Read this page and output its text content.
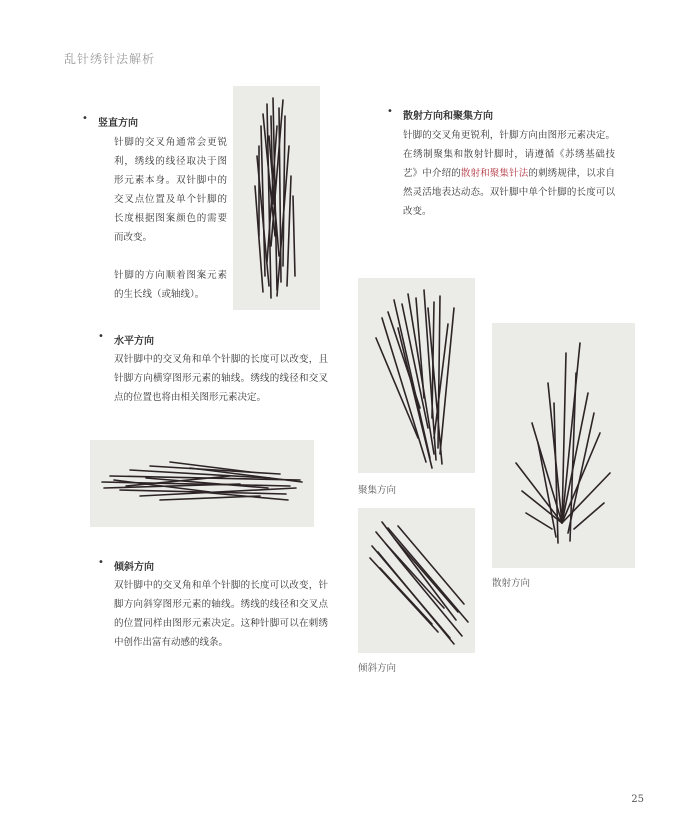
乱针绣针法解析
• 竖直方向
针脚的交叉角通常会更锐利，绣线的线径取决于图形元素本身。双针脚中的交叉点位置及单个针脚的长度根据图案颜色的需要而改变。
针脚的方向顺着图案元素的生长线（或轴线）。
• 水平方向
双针脚中的交叉角和单个针脚的长度可以改变，且针脚方向横穿图形元素的轴线。绣线的线径和交叉点的位置也将由相关图形元素决定。
• 倾斜方向
双针脚中的交叉角和单个针脚的长度可以改变，针脚方向斜穿图形元素的轴线。绣线的线径和交叉点的位置同样由图形元素决定。这种针脚可以在刺绣中创作出富有动感的线条。
• 散射方向和聚集方向
针脚的交叉角更锐利，针脚方向由图形元素决定。在绣制聚集和散射针脚时，请遵循《苏绣基础技艺》中介绍的散射和聚集针法的刺绣规律，以求自然灵活地表达动态。双针脚中单个针脚的长度可以改变。
聚集方向
倾斜方向
散射方向
25
